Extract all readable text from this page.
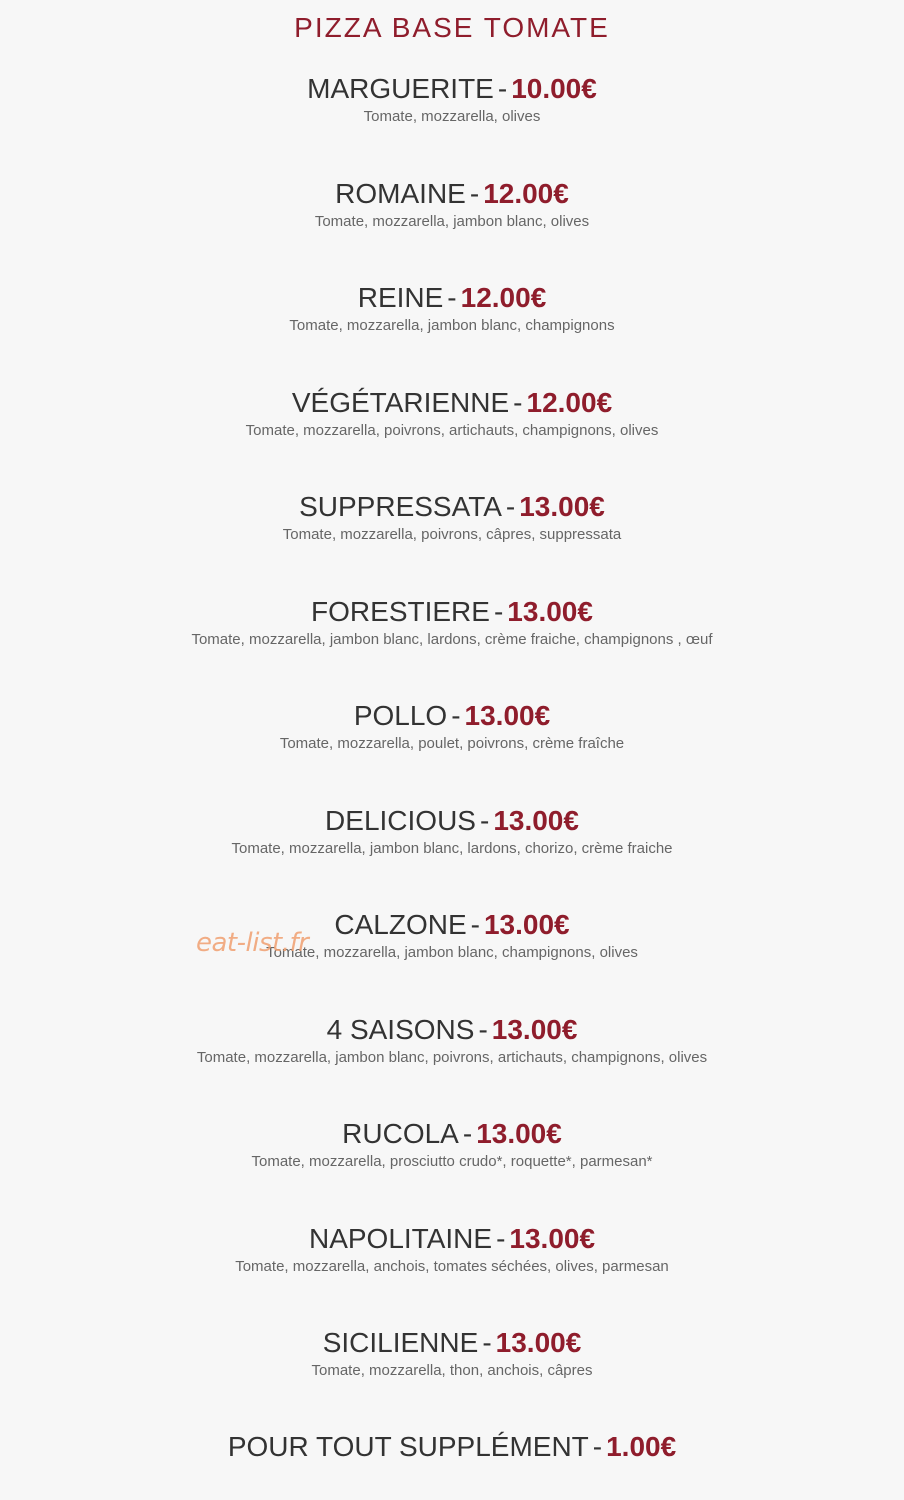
PIZZA BASE TOMATE
MARGUERITE - 10.00€
Tomate, mozzarella, olives
ROMAINE - 12.00€
Tomate, mozzarella, jambon blanc, olives
REINE - 12.00€
Tomate, mozzarella, jambon blanc, champignons
VÉGÉTARIENNE - 12.00€
Tomate, mozzarella, poivrons, artichauts, champignons, olives
SUPPRESSATA - 13.00€
Tomate, mozzarella, poivrons, câpres, suppressata
FORESTIERE - 13.00€
Tomate, mozzarella, jambon blanc, lardons, crème fraiche, champignons , œuf
POLLO - 13.00€
Tomate, mozzarella, poulet, poivrons, crème fraîche
DELICIOUS - 13.00€
Tomate, mozzarella, jambon blanc, lardons, chorizo, crème fraiche
CALZONE - 13.00€
Tomate, mozzarella, jambon blanc, champignons, olives
4 SAISONS - 13.00€
Tomate, mozzarella, jambon blanc, poivrons, artichauts, champignons, olives
RUCOLA - 13.00€
Tomate, mozzarella, prosciutto crudo*, roquette*, parmesan*
NAPOLITAINE - 13.00€
Tomate, mozzarella, anchois, tomates séchées, olives, parmesan
SICILIENNE - 13.00€
Tomate, mozzarella, thon, anchois, câpres
POUR TOUT SUPPLÉMENT - 1.00€
eat-list.fr
